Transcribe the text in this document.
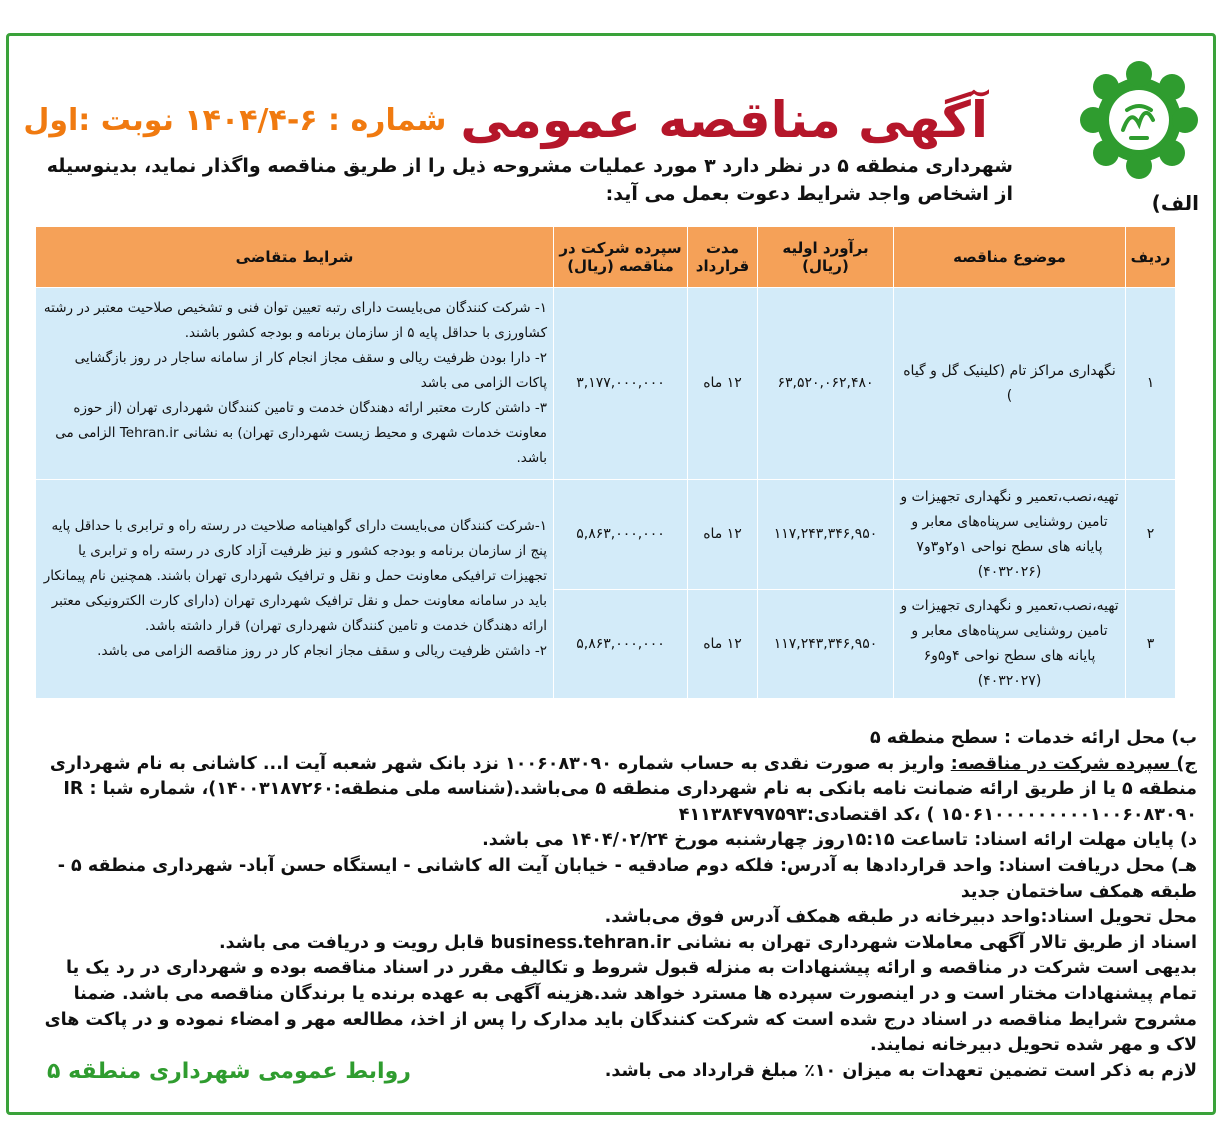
آگهی مناقصه عمومی
شماره : ۶-۱۴۰۴/۴ نوبت :اول
شهرداری منطقه ۵ در نظر دارد ۳ مورد عملیات مشروحه ذیل را از طریق مناقصه واگذار نماید، بدینوسیله از اشخاص واجد شرایط دعوت بعمل می آید:	الف)
ردیف	موضوع مناقصه	برآورد اولیه (ریال)	مدت قرارداد	سپرده شرکت در مناقصه (ریال)	شرایط متقاضی
۱	نگهداری مراکز تام (کلینیک گل و گیاه )	۶۳,۵۲۰,۰۶۲,۴۸۰	۱۲ ماه	۳,۱۷۷,۰۰۰,۰۰۰	۱- شرکت کنندگان می‌بایست دارای رتبه تعیین توان فنی و تشخیص صلاحیت معتبر در رشته کشاورزی با حداقل پایه ۵ از سازمان برنامه و بودجه کشور باشند.
۲- دارا بودن ظرفیت ریالی و سقف مجاز انجام کار از سامانه ساجار در روز بازگشایی پاکات الزامی می باشد
۳- داشتن کارت معتبر ارائه دهندگان خدمت و تامین کنندگان شهرداری تهران (از حوزه معاونت خدمات شهری و محیط زیست شهرداری تهران) به نشانی Tehran.ir الزامی می باشد.
۲	تهیه،نصب،تعمیر و نگهداری تجهیزات و تامین روشنایی سرپناه‌های معابر و پایانه های سطح نواحی ۱و۲و۳و۷ (۴۰۳۲۰۲۶)	۱۱۷,۲۴۳,۳۴۶,۹۵۰	۱۲ ماه	۵,۸۶۳,۰۰۰,۰۰۰	۱-شرکت کنندگان می‌بایست دارای گواهینامه صلاحیت در رسته راه و ترابری با حداقل پایه پنج از سازمان برنامه و بودجه کشور و نیز ظرفیت آزاد کاری در رسته راه و ترابری یا تجهیزات ترافیکی معاونت حمل و نقل و ترافیک شهرداری تهران باشند. همچنین نام پیمانکار باید در سامانه معاونت حمل و نقل ترافیک شهرداری تهران (دارای کارت الکترونیکی معتبر ارائه دهندگان خدمت و تامین کنندگان شهرداری تهران) قرار داشته باشد.
۲- داشتن ظرفیت ریالی و سقف مجاز انجام کار در روز مناقصه الزامی می باشد.
۳	تهیه،نصب،تعمیر و نگهداری تجهیزات و تامین روشنایی سرپناه‌های معابر و پایانه های سطح نواحی ۴و۵و۶ (۴۰۳۲۰۲۷)	۱۱۷,۲۴۳,۳۴۶,۹۵۰	۱۲ ماه	۵,۸۶۳,۰۰۰,۰۰۰	

ب) محل ارائه خدمات : سطح منطقه ۵

ج) سپرده شرکت در مناقصه: واریز به صورت نقدی به حساب شماره ۱۰۰۶۰۸۳۰۹۰ نزد بانک شهر شعبه آیت ا... کاشانی به نام شهرداری منطقه ۵ یا از طریق ارائه ضمانت نامه بانکی به نام شهرداری منطقه ۵ می‌باشد.(شناسه ملی منطقه:۱۴۰۰۳۱۸۷۲۶۰)، شماره شبا : IR ۱۵۰۶۱۰۰۰۰۰۰۰۰۰۱۰۰۶۰۸۳۰۹۰ ) ،کد اقتصادی:۴۱۱۳۸۴۷۹۷۵۹۳

د) پایان مهلت ارائه اسناد: تاساعت ۱۵:۱۵روز چهارشنبه مورخ ۱۴۰۴/۰۲/۲۴ می باشد.

هـ) محل دریافت اسناد: واحد قراردادها به آدرس: فلکه دوم صادقیه - خیابان آیت اله کاشانی - ایستگاه حسن آباد- شهرداری منطقه ۵ - طبقه همکف ساختمان جدید

محل تحویل اسناد:واحد دبیرخانه در طبقه همکف آدرس فوق می‌باشد.

اسناد از طریق تالار آگهی معاملات شهرداری تهران به نشانی business.tehran.ir قابل رویت و دریافت می باشد.

بدیهی است شرکت در مناقصه و ارائه پیشنهادات به منزله قبول شروط و تکالیف مقرر در اسناد مناقصه بوده و شهرداری در رد یک یا تمام پیشنهادات مختار است و در اینصورت سپرده ها مسترد خواهد شد.هزینه آگهی به عهده برنده یا برندگان مناقصه می باشد. ضمنا مشروح شرایط مناقصه در اسناد درج شده است که شرکت کنندگان باید مدارک را پس از اخذ، مطالعه مهر و امضاء نموده و در پاکت های لاک و مهر شده تحویل دبیرخانه نمایند.

لازم به ذکر است تضمین تعهدات به میزان ۱۰٪ مبلغ قرارداد می باشد.

روابط عمومی شهرداری منطقه ۵
